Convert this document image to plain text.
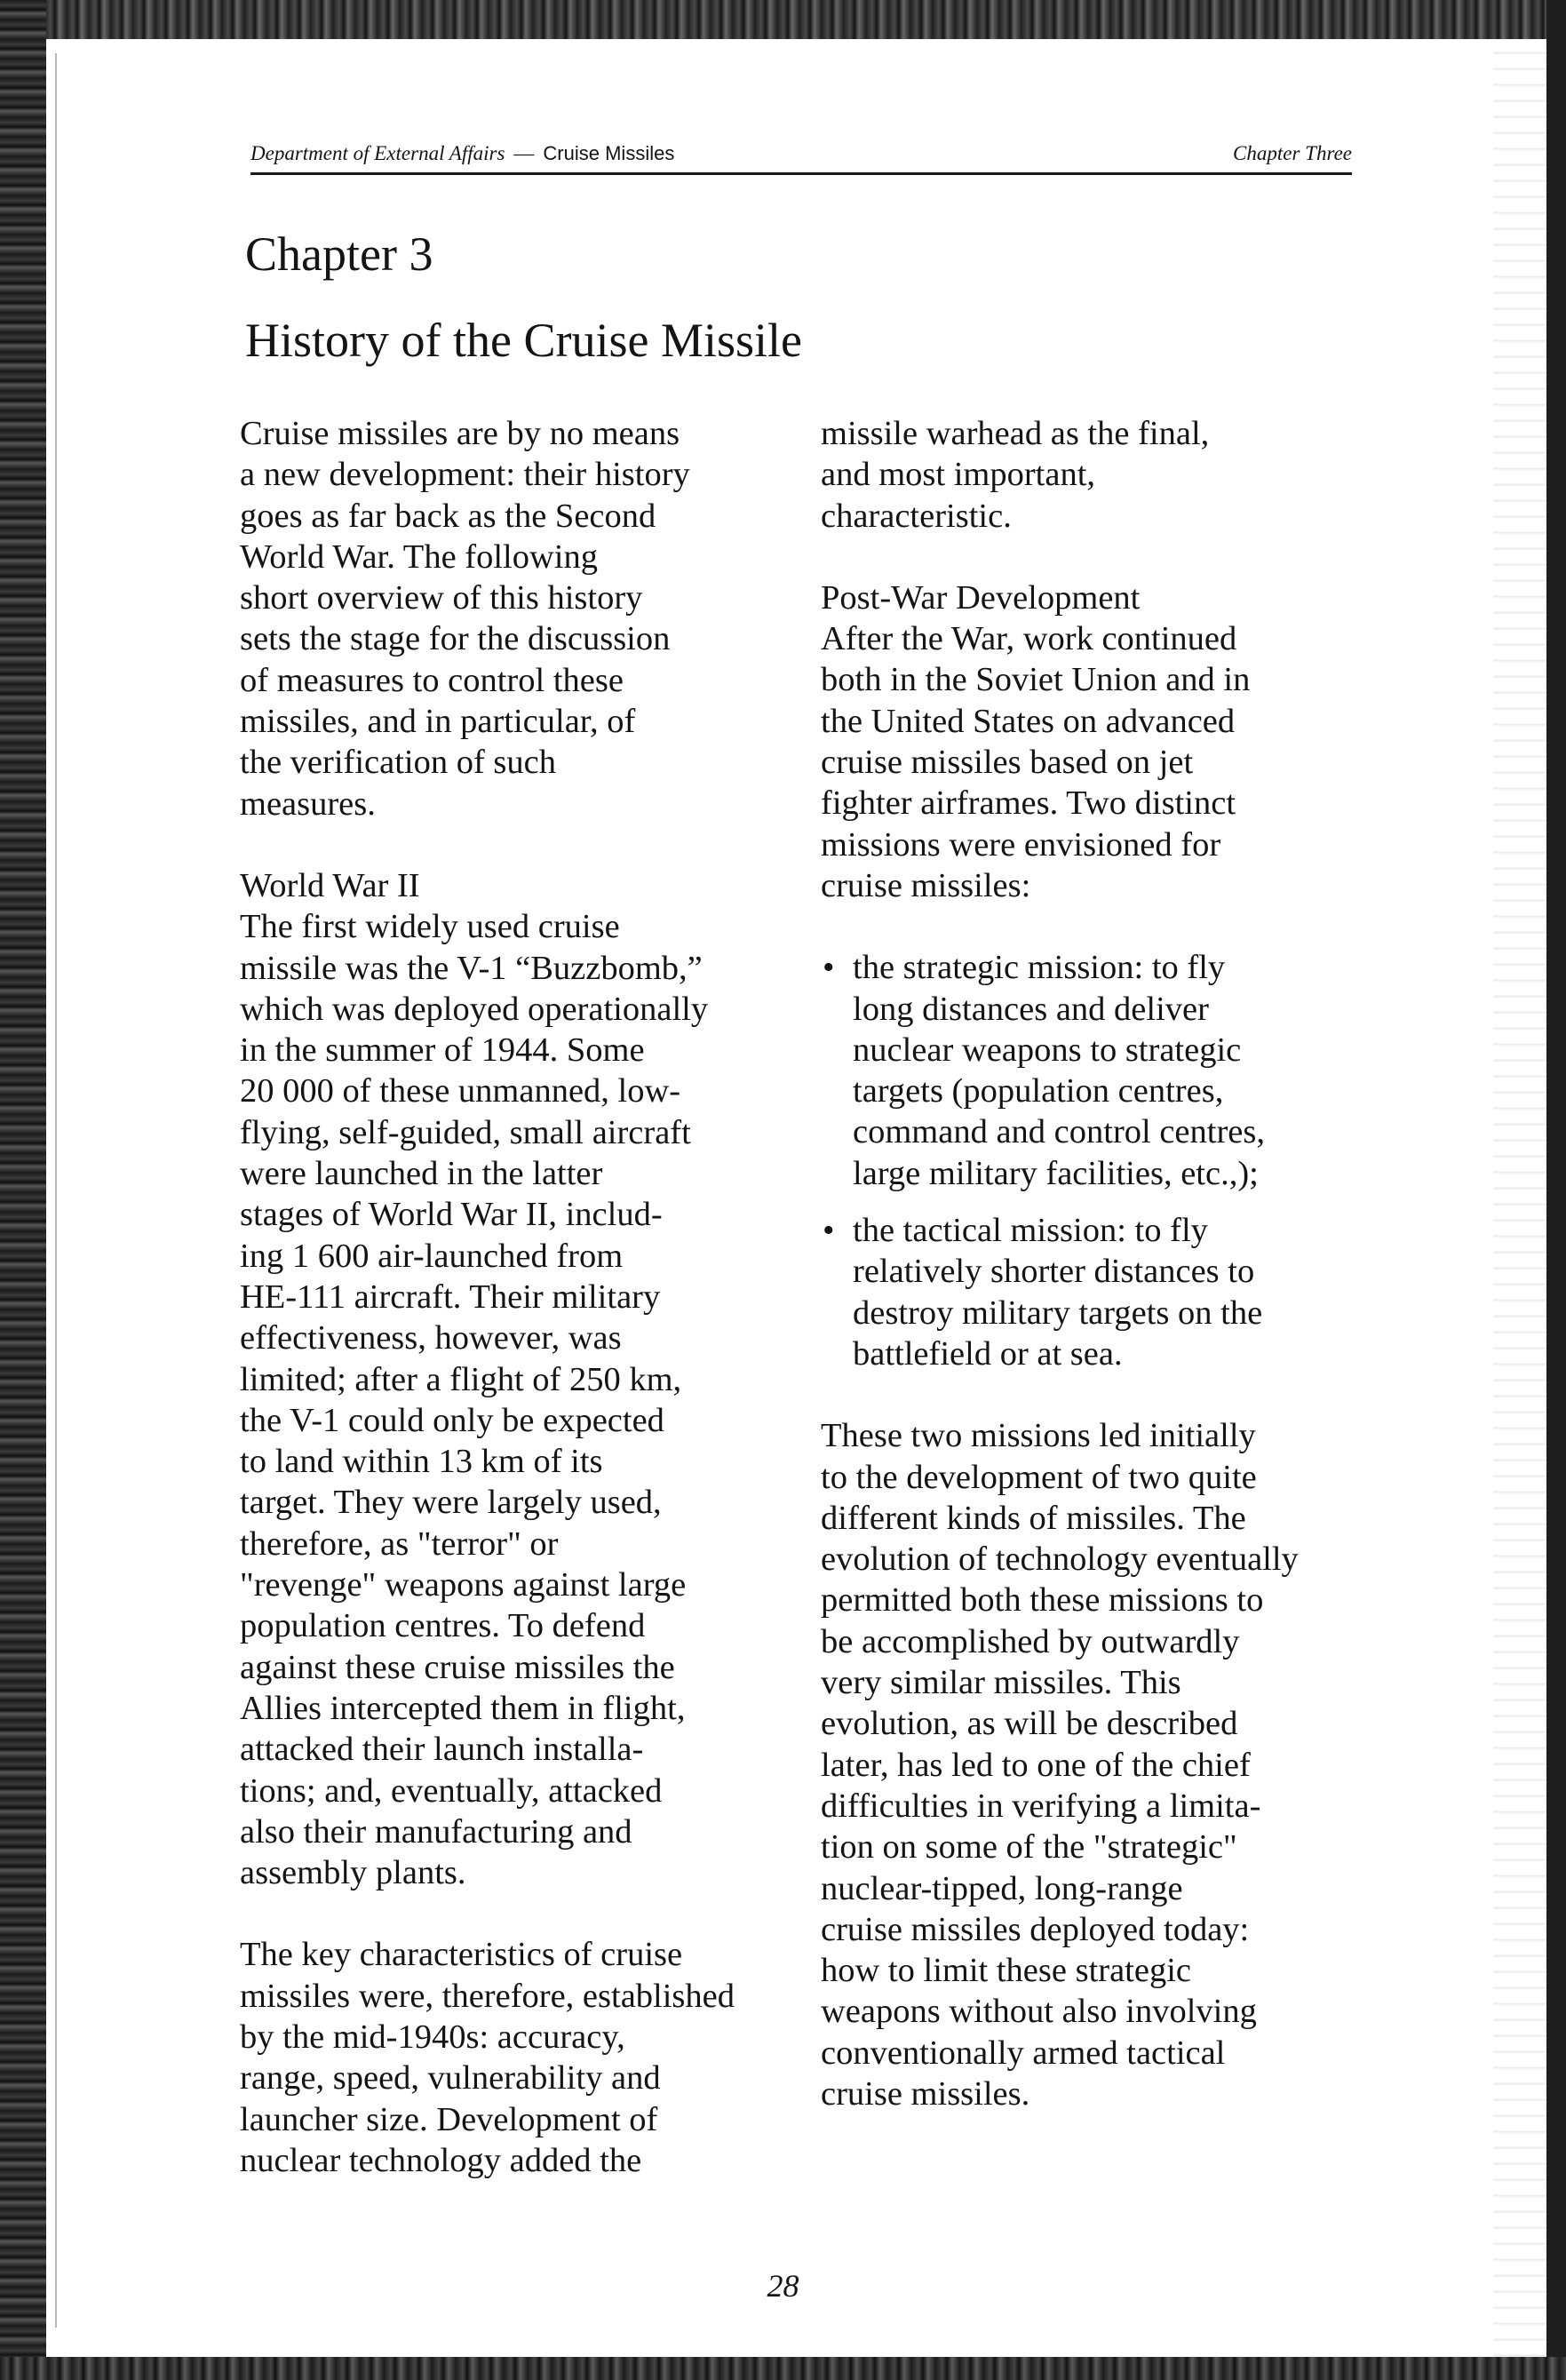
Department of External Affairs — Cruise Missiles	Chapter Three
Chapter 3
History of the Cruise Missile

Cruise missiles are by no means
a new development: their history
goes as far back as the Second
World War. The following
short overview of this history
sets the stage for the discussion
of measures to control these
missiles, and in particular, of
the verification of such
measures.

World War II

The first widely used cruise
missile was the V-1 “Buzzbomb,”
which was deployed operationally
in the summer of 1944. Some
20 000 of these unmanned, low-
flying, self-guided, small aircraft
were launched in the latter
stages of World War II, includ-
ing 1 600 air-launched from
HE-111 aircraft. Their military
effectiveness, however, was
limited; after a flight of 250 km,
the V-1 could only be expected
to land within 13 km of its
target. They were largely used,
therefore, as "terror" or
"revenge" weapons against large
population centres. To defend
against these cruise missiles the
Allies intercepted them in flight,
attacked their launch installa-
tions; and, eventually, attacked
also their manufacturing and
assembly plants.

The key characteristics of cruise
missiles were, therefore, established
by the mid-1940s: accuracy,
range, speed, vulnerability and
launcher size. Development of
nuclear technology added the

missile warhead as the final,
and most important,
characteristic.

Post-War Development

After the War, work continued
both in the Soviet Union and in
the United States on advanced
cruise missiles based on jet
fighter airframes. Two distinct
missions were envisioned for
cruise missiles:

• the strategic mission: to fly
long distances and deliver
nuclear weapons to strategic
targets (population centres,
command and control centres,
large military facilities, etc.,);
• the tactical mission: to fly
relatively shorter distances to
destroy military targets on the
battlefield or at sea.

These two missions led initially
to the development of two quite
different kinds of missiles. The
evolution of technology eventually
permitted both these missions to
be accomplished by outwardly
very similar missiles. This
evolution, as will be described
later, has led to one of the chief
difficulties in verifying a limita-
tion on some of the "strategic"
nuclear-tipped, long-range
cruise missiles deployed today:
how to limit these strategic
weapons without also involving
conventionally armed tactical
cruise missiles.

28
